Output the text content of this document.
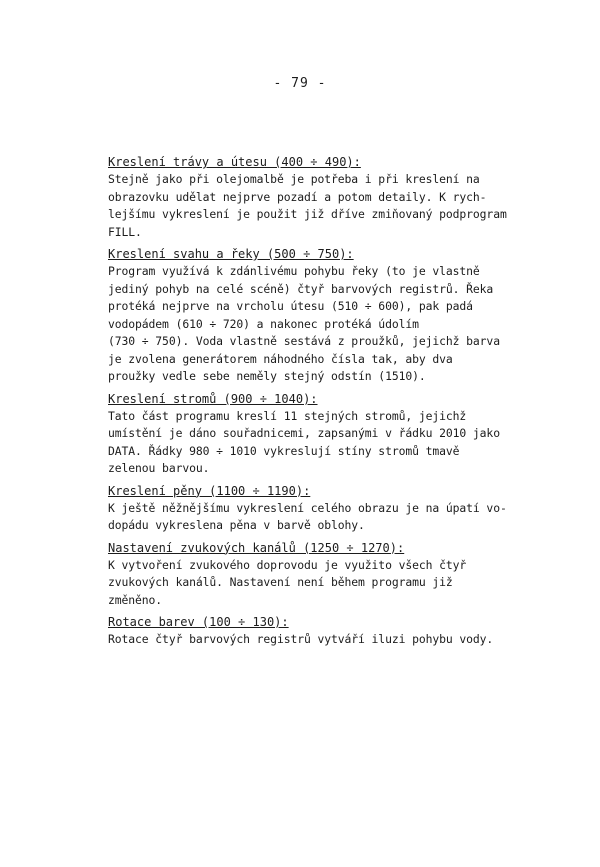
- 79 -
Kreslení trávy a útesu (400 ÷ 490):
Stejně jako při olejomalbě je potřeba i při kreslení na
obrazovku udělat nejprve pozadí a potom detaily. K rych-
lejšímu vykreslení je použit již dříve zmiňovaný podprogram
FILL.
Kreslení svahu a řeky (500 ÷ 750):
Program využívá k zdánlivému pohybu řeky (to je vlastně
jediný pohyb na celé scéně) čtyř barvových registrů. Řeka
protéká nejprve na vrcholu útesu (510 ÷ 600), pak padá
vodopádem (610 ÷ 720) a nakonec protéká údolím
(730 ÷ 750). Voda vlastně sestává z proužků, jejichž barva
je zvolena generátorem náhodného čísla tak, aby dva
proužky vedle sebe neměly stejný odstín (1510).
Kreslení stromů (900 ÷ 1040):
Tato část programu kreslí 11 stejných stromů, jejichž
umístění je dáno souřadnicemi, zapsanými v řádku 2010 jako
DATA. Řádky 980 ÷ 1010 vykreslují stíny stromů tmavě
zelenou barvou.
Kreslení pěny (1100 ÷ 1190):
K ještě něžnějšímu vykreslení celého obrazu je na úpatí vo-
dopádu vykreslena pěna v barvě oblohy.
Nastavení zvukových kanálů (1250 ÷ 1270):
K vytvoření zvukového doprovodu je využito všech čtyř
zvukových kanálů. Nastavení není během programu již
změněno.
Rotace barev (100 ÷ 130):
Rotace čtyř barvových registrů vytváří iluzi pohybu vody.
